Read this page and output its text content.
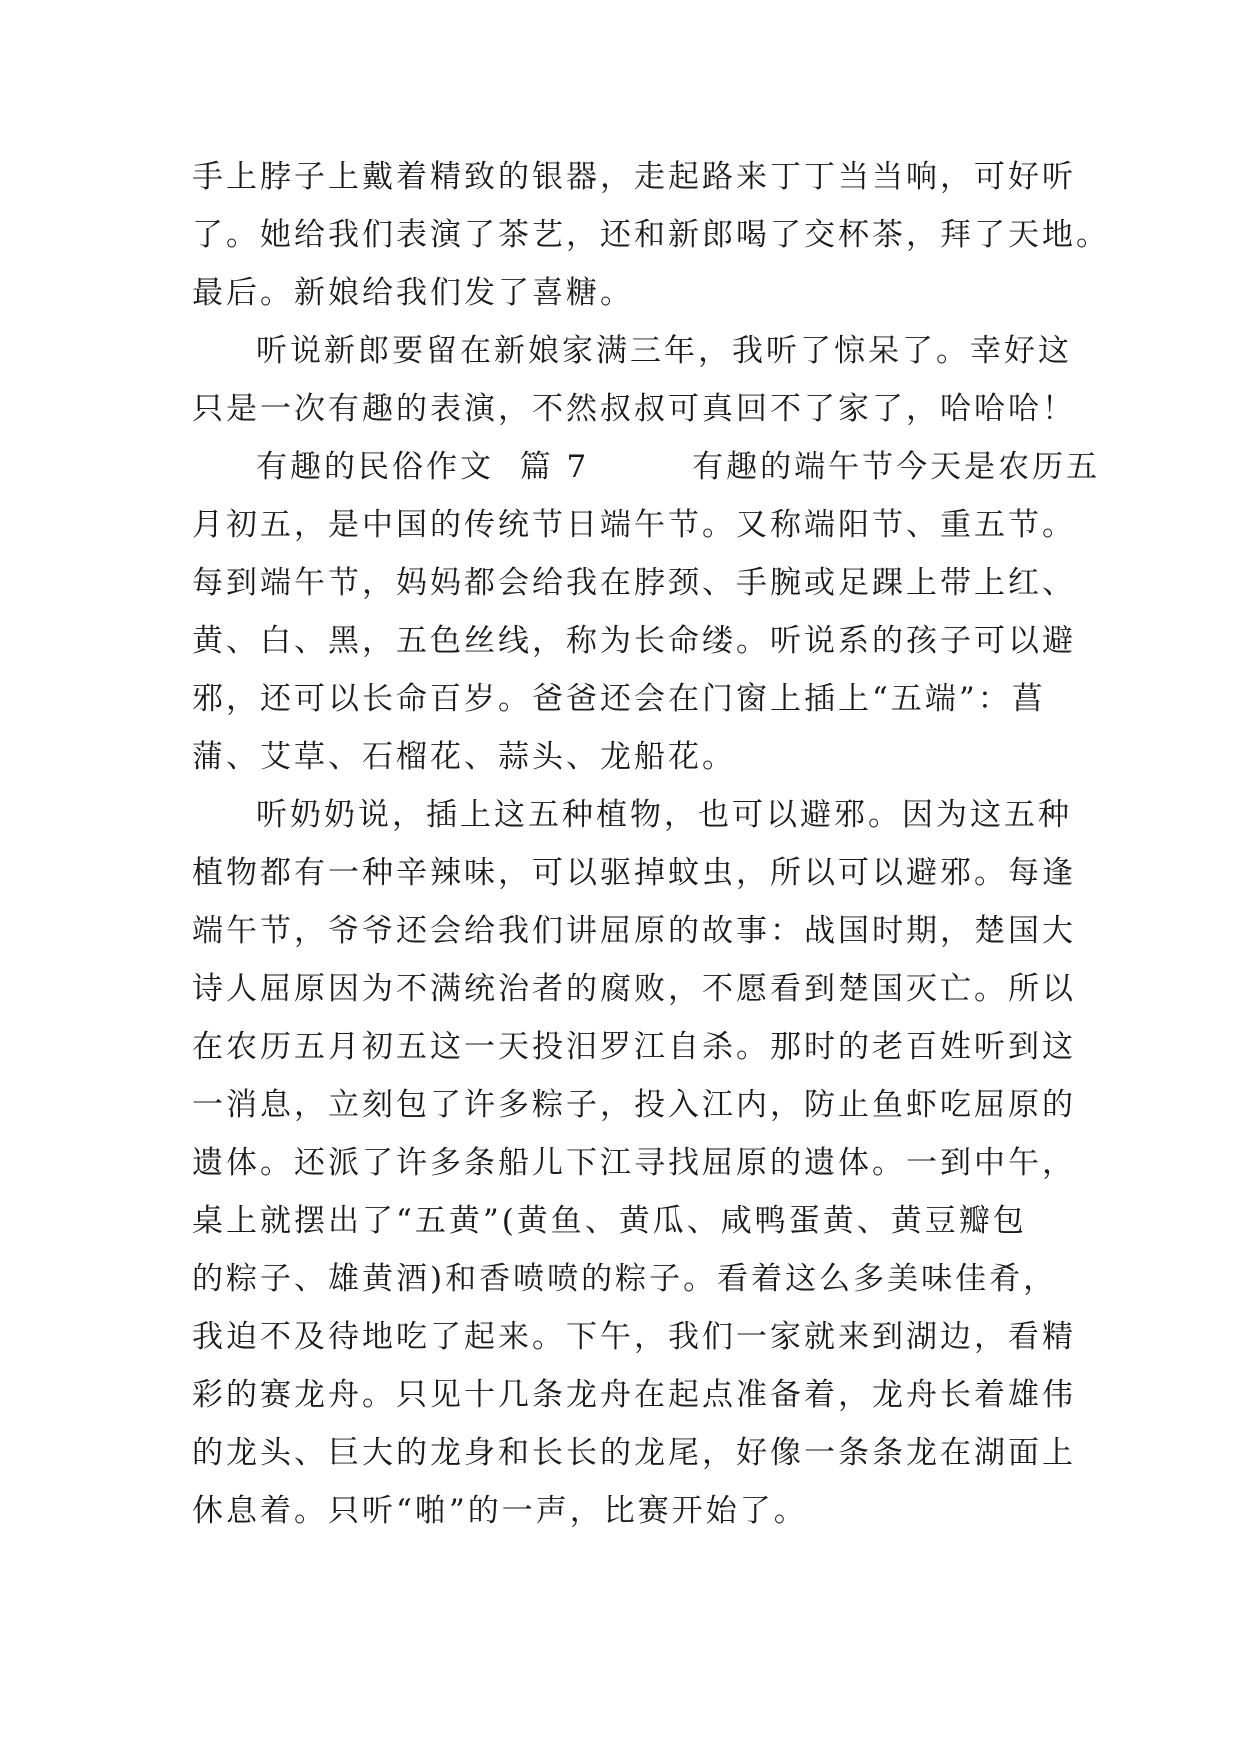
手上脖子上戴着精致的银器，走起路来丁丁当当响，可好听
了。她给我们表演了茶艺，还和新郎喝了交杯茶，拜了天地。
最后。新娘给我们发了喜糖。
听说新郎要留在新娘家满三年，我听了惊呆了。幸好这
只是一次有趣的表演，不然叔叔可真回不了家了，哈哈哈！
有趣的民俗作文  篇 7        有趣的端午节今天是农历五
月初五，是中国的传统节日端午节。又称端阳节、重五节。
每到端午节，妈妈都会给我在脖颈、手腕或足踝上带上红、
黄、白、黑，五色丝线，称为长命缕。听说系的孩子可以避
邪，还可以长命百岁。爸爸还会在门窗上插上“五端”：菖
蒲、艾草、石榴花、蒜头、龙船花。
听奶奶说，插上这五种植物，也可以避邪。因为这五种
植物都有一种辛辣味，可以驱掉蚊虫，所以可以避邪。每逢
端午节，爷爷还会给我们讲屈原的故事：战国时期，楚国大
诗人屈原因为不满统治者的腐败，不愿看到楚国灭亡。所以
在农历五月初五这一天投汨罗江自杀。那时的老百姓听到这
一消息，立刻包了许多粽子，投入江内，防止鱼虾吃屈原的
遗体。还派了许多条船儿下江寻找屈原的遗体。一到中午，
桌上就摆出了“五黄”(黄鱼、黄瓜、咸鸭蛋黄、黄豆瓣包
的粽子、雄黄酒)和香喷喷的粽子。看着这么多美味佳肴，
我迫不及待地吃了起来。下午，我们一家就来到湖边，看精
彩的赛龙舟。只见十几条龙舟在起点准备着，龙舟长着雄伟
的龙头、巨大的龙身和长长的龙尾，好像一条条龙在湖面上
休息着。只听“啪”的一声，比赛开始了。
